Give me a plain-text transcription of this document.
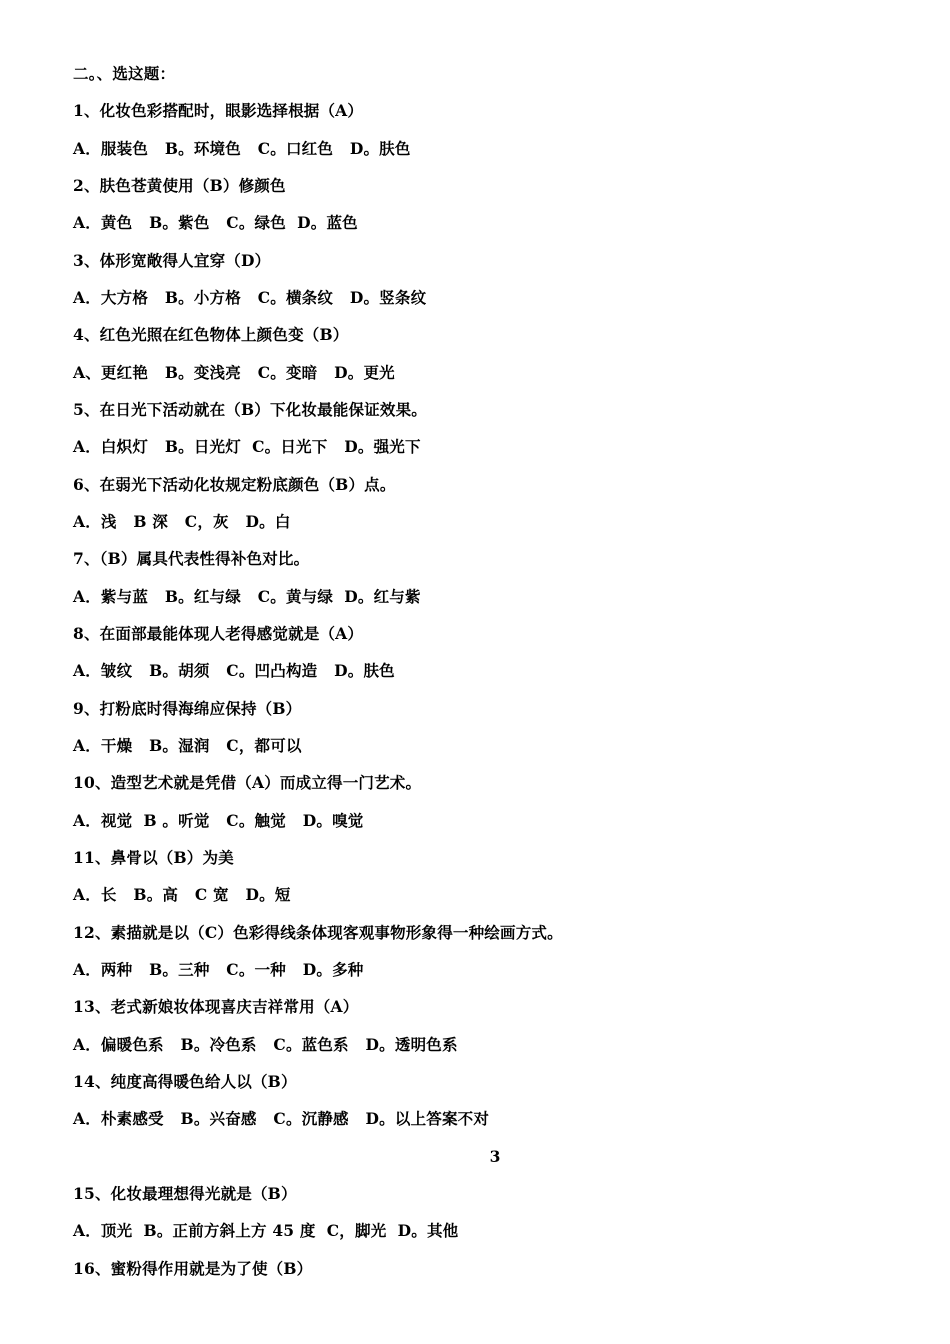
二。、选这题：
1、化妆色彩搭配时，眼影选择根据（A）
A．服装色   B。环境色   C。口红色   D。肤色
2、肤色苍黄使用（B）修颜色
A．黄色   B。紫色   C。绿色  D。蓝色
3、体形宽敞得人宜穿（D）
A．大方格   B。小方格   C。横条纹   D。竖条纹
4、红色光照在红色物体上颜色变（B）
A、更红艳   B。变浅亮   C。变暗   D。更光
5、在日光下活动就在（B）下化妆最能保证效果。
A．白炽灯   B。日光灯  C。日光下   D。强光下
6、在弱光下活动化妆规定粉底颜色（B）点。
A．浅   B 深   C，灰   D。白
7、（B）属具代表性得补色对比。
A．紫与蓝   B。红与绿   C。黄与绿  D。红与紫
8、在面部最能体现人老得感觉就是（A）
A．皱纹   B。胡须   C。凹凸构造   D。肤色
9、打粉底时得海绵应保持（B）
A．干燥   B。湿润   C，都可以
10、造型艺术就是凭借（A）而成立得一门艺术。
A．视觉  B 。听觉   C。触觉   D。嗅觉
11、鼻骨以（B）为美
A．长   B。高   C 宽   D。短
12、素描就是以（C）色彩得线条体现客观事物形象得一种绘画方式。
A．两种   B。三种   C。一种   D。多种
13、老式新娘妆体现喜庆吉祥常用（A）
A．偏暖色系   B。冷色系   C。蓝色系   D。透明色系
14、纯度高得暖色给人以（B）
A．朴素感受   B。兴奋感   C。沉静感   D。以上答案不对
3
15、化妆最理想得光就是（B）
A．顶光  B。正前方斜上方 45 度  C，脚光  D。其他
16、蜜粉得作用就是为了使（B）
